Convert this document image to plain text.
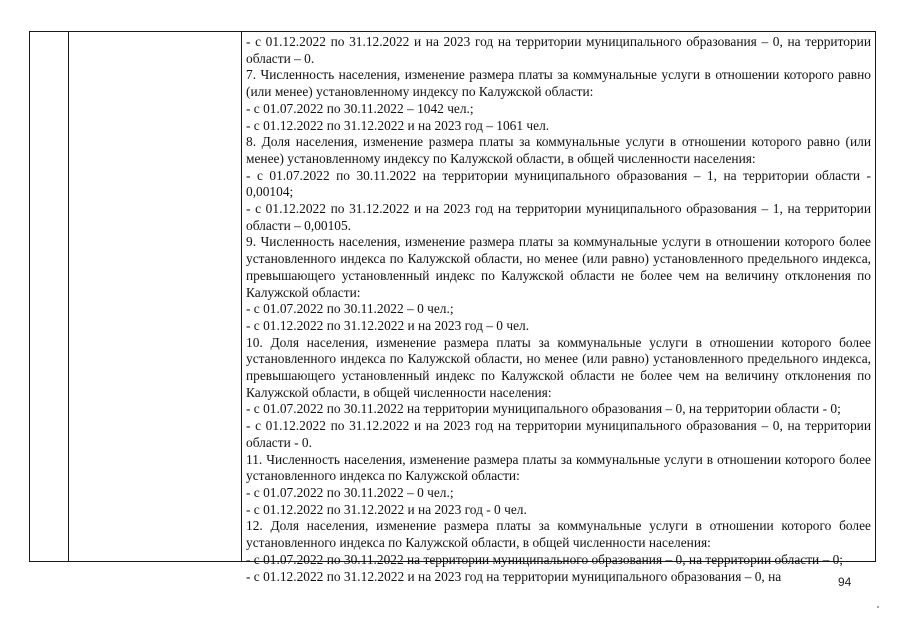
- с 01.12.2022 по 31.12.2022 и на 2023 год на территории муниципального образования – 0, на территории области – 0.

7. Численность населения, изменение размера платы за коммунальные услуги в отношении которого равно (или менее) установленному индексу по Калужской области:

- с 01.07.2022 по 30.11.2022 – 1042 чел.;

- с 01.12.2022 по 31.12.2022 и на 2023 год – 1061 чел.

8. Доля населения, изменение размера платы за коммунальные услуги в отношении которого равно (или менее) установленному индексу по Калужской области, в общей численности населения:

- с 01.07.2022 по 30.11.2022 на территории муниципального образования – 1, на территории области - 0,00104;

- с 01.12.2022 по 31.12.2022 и на 2023 год на территории муниципального образования – 1, на территории области – 0,00105.

9. Численность населения, изменение размера платы за коммунальные услуги в отношении которого более установленного индекса по Калужской области, но менее (или равно) установленного предельного индекса, превышающего установленный индекс по Калужской области не более чем на величину отклонения по Калужской области:

- с 01.07.2022 по 30.11.2022 – 0 чел.;

- с 01.12.2022 по 31.12.2022 и на 2023 год – 0 чел.

10. Доля населения, изменение размера платы за коммунальные услуги в отношении которого более установленного индекса по Калужской области, но менее (или равно) установленного предельного индекса, превышающего установленный индекс по Калужской области не более чем на величину отклонения по Калужской области, в общей численности населения:

- с 01.07.2022 по 30.11.2022 на территории муниципального образования – 0, на территории области - 0;

- с 01.12.2022 по 31.12.2022 и на 2023 год на территории муниципального образования – 0, на территории области - 0.

11. Численность населения, изменение размера платы за коммунальные услуги в отношении которого более установленного индекса по Калужской области:

- с 01.07.2022 по 30.11.2022 – 0 чел.;

- с 01.12.2022 по 31.12.2022 и на 2023 год - 0 чел.

12. Доля населения, изменение размера платы за коммунальные услуги в отношении которого более установленного индекса по Калужской области, в общей численности населения:

- с 01.07.2022 по 30.11.2022 на территории муниципального образования – 0, на территории области – 0;

- с 01.12.2022 по 31.12.2022 и на 2023 год на территории муниципального образования – 0, на	94
